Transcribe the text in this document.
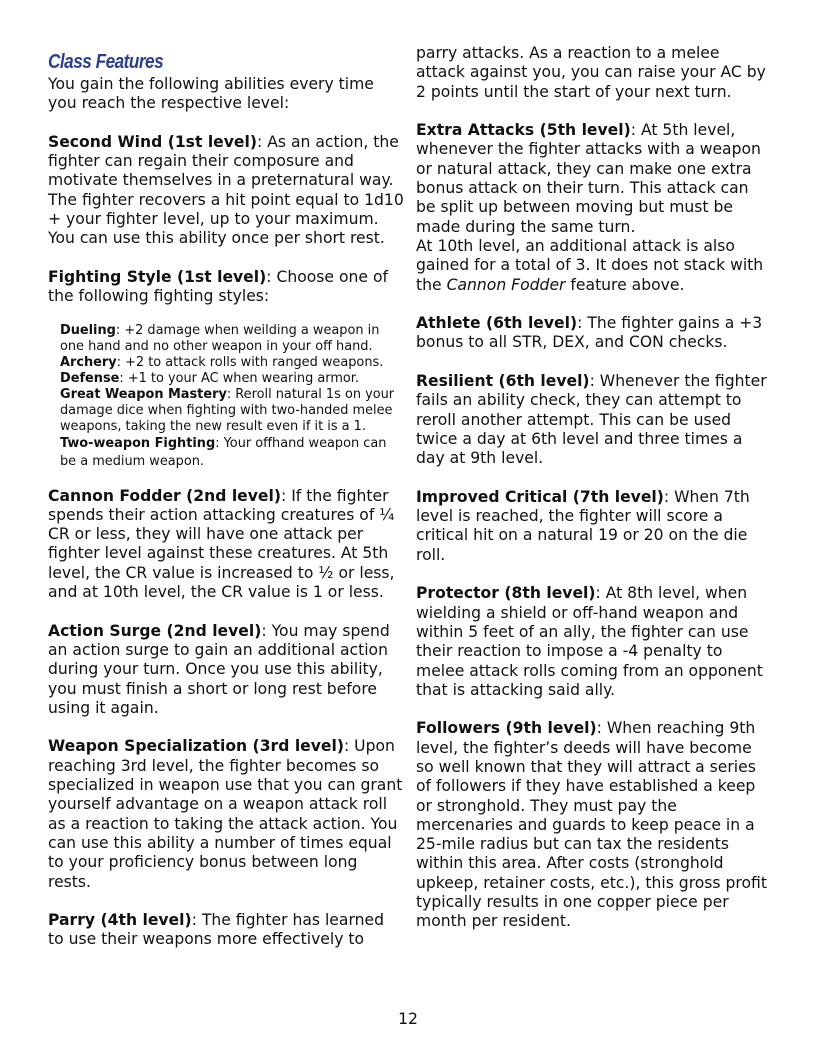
Class Features

You gain the following abilities every time you reach the respective level:

Second Wind (1st level): As an action, the fighter can regain their composure and motivate themselves in a preternatural way. The fighter recovers a hit point equal to 1d10 + your fighter level, up to your maximum. You can use this ability once per short rest.

Fighting Style (1st level): Choose one of the following fighting styles:

Dueling: +2 damage when weilding a weapon in one hand and no other weapon in your off hand.
Archery: +2 to attack rolls with ranged weapons.
Defense: +1 to your AC when wearing armor.
Great Weapon Mastery: Reroll natural 1s on your damage dice when fighting with two-handed melee weapons, taking the new result even if it is a 1.
Two-weapon Fighting: Your offhand weapon can be a medium weapon.

Cannon Fodder (2nd level): If the fighter spends their action attacking creatures of ¼ CR or less, they will have one attack per fighter level against these creatures. At 5th level, the CR value is increased to ½ or less, and at 10th level, the CR value is 1 or less.

Action Surge (2nd level): You may spend an action surge to gain an additional action during your turn. Once you use this ability, you must finish a short or long rest before using it again.

Weapon Specialization (3rd level): Upon reaching 3rd level, the fighter becomes so specialized in weapon use that you can grant yourself advantage on a weapon attack roll as a reaction to taking the attack action. You can use this ability a number of times equal to your proficiency bonus between long rests.

Parry (4th level): The fighter has learned to use their weapons more effectively to

parry attacks. As a reaction to a melee attack against you, you can raise your AC by 2 points until the start of your next turn.

Extra Attacks (5th level): At 5th level, whenever the fighter attacks with a weapon or natural attack, they can make one extra bonus attack on their turn. This attack can be split up between moving but must be made during the same turn.
At 10th level, an additional attack is also gained for a total of 3. It does not stack with the Cannon Fodder feature above.

Athlete (6th level): The fighter gains a +3 bonus to all STR, DEX, and CON checks.

Resilient (6th level): Whenever the fighter fails an ability check, they can attempt to reroll another attempt. This can be used twice a day at 6th level and three times a day at 9th level.

Improved Critical (7th level): When 7th level is reached, the fighter will score a critical hit on a natural 19 or 20 on the die roll.

Protector (8th level): At 8th level, when wielding a shield or off-hand weapon and within 5 feet of an ally, the fighter can use their reaction to impose a -4 penalty to melee attack rolls coming from an opponent that is attacking said ally.

Followers (9th level): When reaching 9th level, the fighter’s deeds will have become so well known that they will attract a series of followers if they have established a keep or stronghold. They must pay the mercenaries and guards to keep peace in a 25-mile radius but can tax the residents within this area. After costs (stronghold upkeep, retainer costs, etc.), this gross profit typically results in one copper piece per month per resident.

12
